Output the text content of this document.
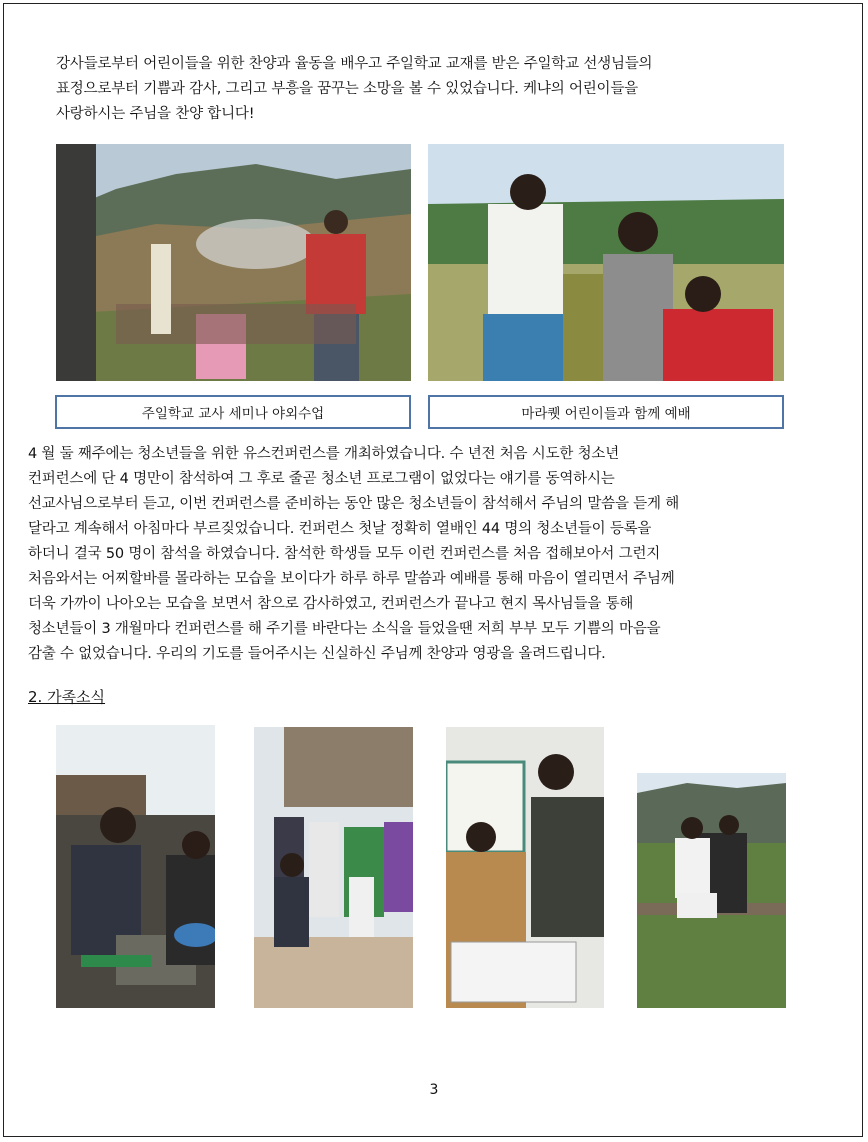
강사들로부터 어린이들을 위한 찬양과 율동을 배우고 주일학교 교재를 받은 주일학교 선생님들의
표정으로부터 기쁨과 감사, 그리고 부흥을 꿈꾸는 소망을 볼 수 있었습니다. 케냐의 어린이들을
사랑하시는 주님을 찬양 합니다!
주일학교 교사 세미나 야외수업	마라퀫 어린이들과 함께 예배
4 월 둘 째주에는 청소년들을 위한 유스컨퍼런스를 개최하였습니다. 수 년전 처음 시도한 청소년
컨퍼런스에 단 4 명만이 참석하여 그 후로 줄곧 청소년 프로그램이 없었다는 얘기를 동역하시는
선교사님으로부터 듣고, 이번 컨퍼런스를 준비하는 동안 많은 청소년들이 참석해서 주님의 말씀을 듣게 해
달라고 계속해서 아침마다 부르짖었습니다. 컨퍼런스 첫날 정확히 열배인 44 명의 청소년들이 등록을
하더니 결국 50 명이 참석을 하였습니다. 참석한 학생들 모두 이런 컨퍼런스를 처음 접해보아서 그런지
처음와서는 어찌할바를 몰라하는 모습을 보이다가 하루 하루 말씀과 예배를 통해 마음이 열리면서 주님께
더욱 가까이 나아오는 모습을 보면서 참으로 감사하였고, 컨퍼런스가 끝나고 현지 목사님들을 통해
청소년들이 3 개월마다 컨퍼런스를 해 주기를 바란다는 소식을 들었을땐 저희 부부 모두 기쁨의 마음을
감출 수 없었습니다. 우리의 기도를 들어주시는 신실하신 주님께 찬양과 영광을 올려드립니다.
2. 가족소식
3
